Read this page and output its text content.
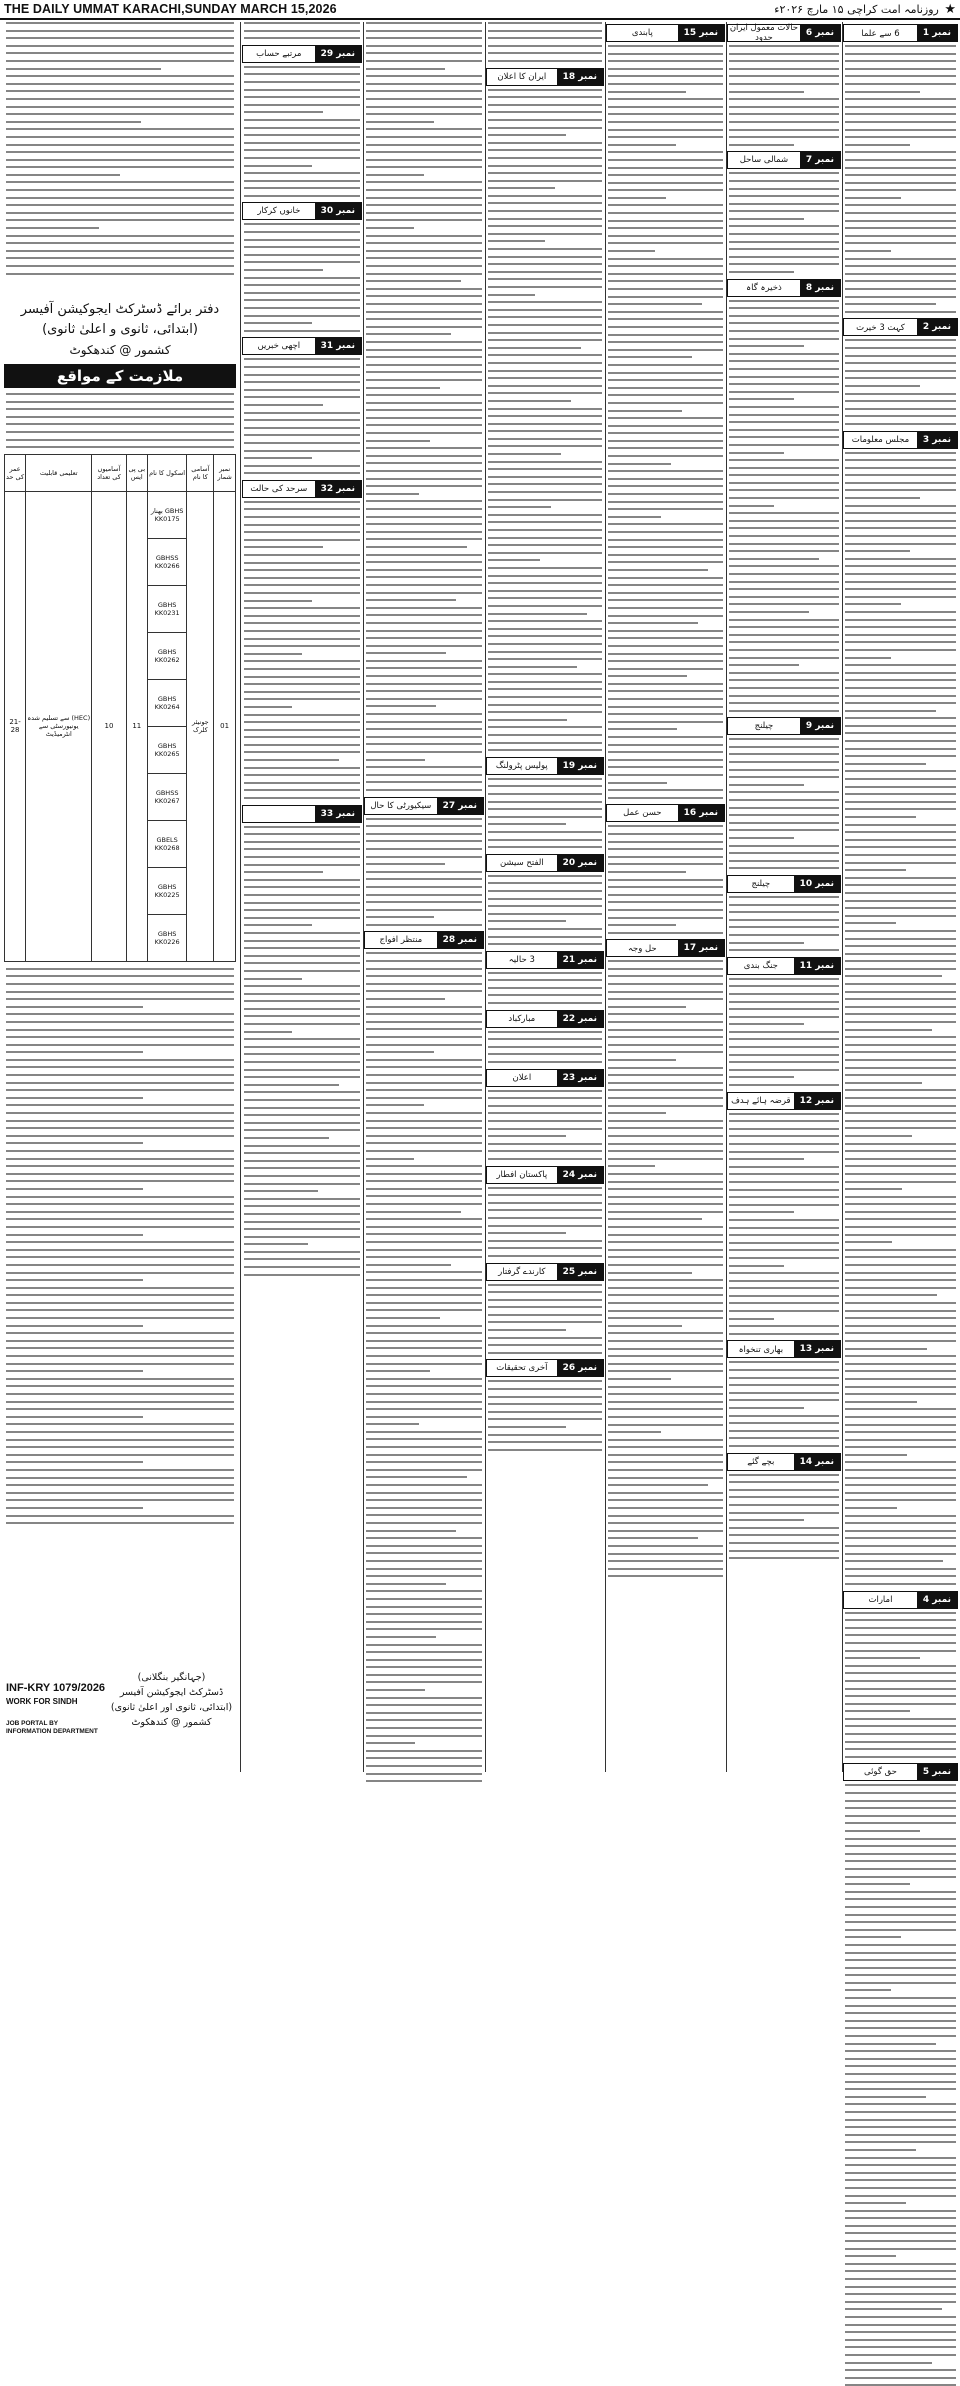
THE DAILY UMMAT KARACHI,SUNDAY MARCH 15,2026	★ روزنامہ امت کراچی ۱۵ مارچ ۲۰۲۶ء
نمبر 1
6 سے علما
نمبر 2
کہت 3 خیرت
نمبر 3
مجلس معلومات
نمبر 4
امارات
نمبر 5
حق گوئی
نمبر 6
حالات معمول ایران حدود
نمبر 7
شمالی ساحل
نمبر 8
ذخیرہ گاہ
نمبر 9
چیلنج
نمبر 10
چیلنج
نمبر 11
جنگ بندی
نمبر 12
قرضہ ہائے ہدف
نمبر 13
بھاری تنخواہ
نمبر 14
بچے گئے
نمبر 15
پابندی
نمبر 16
حسن عمل
نمبر 17
حل وجہ
نمبر 18
ایران کا اعلان
نمبر 19
پولیس پٹرولنگ
نمبر 20
الفتح سیشن
نمبر 21
3 حالیہ
نمبر 22
مبارکباد
نمبر 23
اعلان
نمبر 24
پاکستان افطار
نمبر 25
کارندے گرفتار
نمبر 26
آخری تحقیقات
نمبر 27
سیکیورٹی کا حال
نمبر 28
منتظر افواج
نمبر 29
مرتبے حساب
نمبر 30
خانوں کرکار
نمبر 31
اچھی خبریں
نمبر 32
سرحد کی حالت
نمبر 33
دفتر برائے ڈسٹرکٹ ایجوکیشن آفیسر
(ابتدائی، ثانوی و اعلیٰ ثانوی)
کشمور @ کندھکوٹ
ملازمت کے مواقع
نمبر شمار	آسامی کا نام	اسکول کا نام	بی پی ایس	آسامیوں کی تعداد	تعلیمی قابلیت	عمر کی حد
01	جونیئر کلرک	GBHS بھنار KK0175	11	10	(HEC) سے تسلیم شدہ یونیورسٹی سے انٹرمیڈیٹ	21-28
		GBHSS KK0266				
		GBHS KK0231				
		GBHS KK0262				
		GBHS KK0264				
		GBHS KK0265				
		GBHSS KK0267				
		GBELS KK0268				
		GBHS KK0225				
		GBHS KK0226				
INF-KRY 1079/2026
WORK FOR SINDH
JOB PORTAL BY INFORMATION DEPARTMENT
(جہانگیر بنگلانی)
ڈسٹرکٹ ایجوکیشن آفیسر
(ابتدائی، ثانوی اور اعلیٰ ثانوی)
کشمور @ کندھکوٹ
